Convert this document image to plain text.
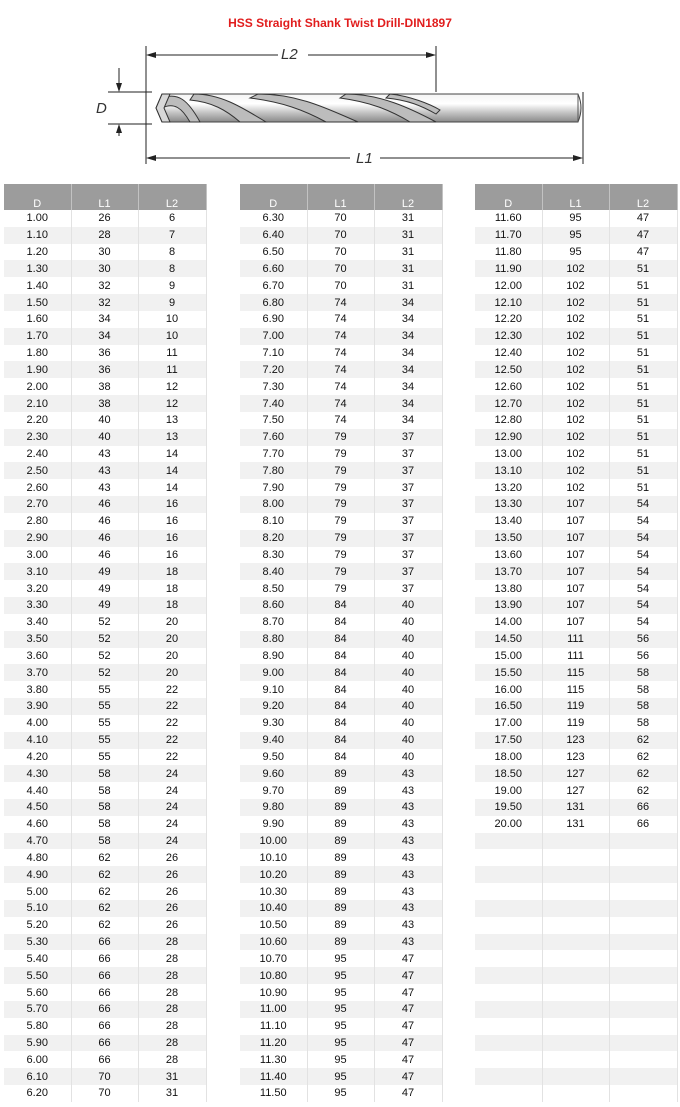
HSS Straight Shank Twist Drill-DIN1897
L2
L1
D
D	L1	L2
1.00	26	6
1.10	28	7
1.20	30	8
1.30	30	8
1.40	32	9
1.50	32	9
1.60	34	10
1.70	34	10
1.80	36	11
1.90	36	11
2.00	38	12
2.10	38	12
2.20	40	13
2.30	40	13
2.40	43	14
2.50	43	14
2.60	43	14
2.70	46	16
2.80	46	16
2.90	46	16
3.00	46	16
3.10	49	18
3.20	49	18
3.30	49	18
3.40	52	20
3.50	52	20
3.60	52	20
3.70	52	20
3.80	55	22
3.90	55	22
4.00	55	22
4.10	55	22
4.20	55	22
4.30	58	24
4.40	58	24
4.50	58	24
4.60	58	24
4.70	58	24
4.80	62	26
4.90	62	26
5.00	62	26
5.10	62	26
5.20	62	26
5.30	66	28
5.40	66	28
5.50	66	28
5.60	66	28
5.70	66	28
5.80	66	28
5.90	66	28
6.00	66	28
6.10	70	31
6.20	70	31
D	L1	L2
6.30	70	31
6.40	70	31
6.50	70	31
6.60	70	31
6.70	70	31
6.80	74	34
6.90	74	34
7.00	74	34
7.10	74	34
7.20	74	34
7.30	74	34
7.40	74	34
7.50	74	34
7.60	79	37
7.70	79	37
7.80	79	37
7.90	79	37
8.00	79	37
8.10	79	37
8.20	79	37
8.30	79	37
8.40	79	37
8.50	79	37
8.60	84	40
8.70	84	40
8.80	84	40
8.90	84	40
9.00	84	40
9.10	84	40
9.20	84	40
9.30	84	40
9.40	84	40
9.50	84	40
9.60	89	43
9.70	89	43
9.80	89	43
9.90	89	43
10.00	89	43
10.10	89	43
10.20	89	43
10.30	89	43
10.40	89	43
10.50	89	43
10.60	89	43
10.70	95	47
10.80	95	47
10.90	95	47
11.00	95	47
11.10	95	47
11.20	95	47
11.30	95	47
11.40	95	47
11.50	95	47
D	L1	L2
11.60	95	47
11.70	95	47
11.80	95	47
11.90	102	51
12.00	102	51
12.10	102	51
12.20	102	51
12.30	102	51
12.40	102	51
12.50	102	51
12.60	102	51
12.70	102	51
12.80	102	51
12.90	102	51
13.00	102	51
13.10	102	51
13.20	102	51
13.30	107	54
13.40	107	54
13.50	107	54
13.60	107	54
13.70	107	54
13.80	107	54
13.90	107	54
14.00	107	54
14.50	111	56
15.00	111	56
15.50	115	58
16.00	115	58
16.50	119	58
17.00	119	58
17.50	123	62
18.00	123	62
18.50	127	62
19.00	127	62
19.50	131	66
20.00	131	66
